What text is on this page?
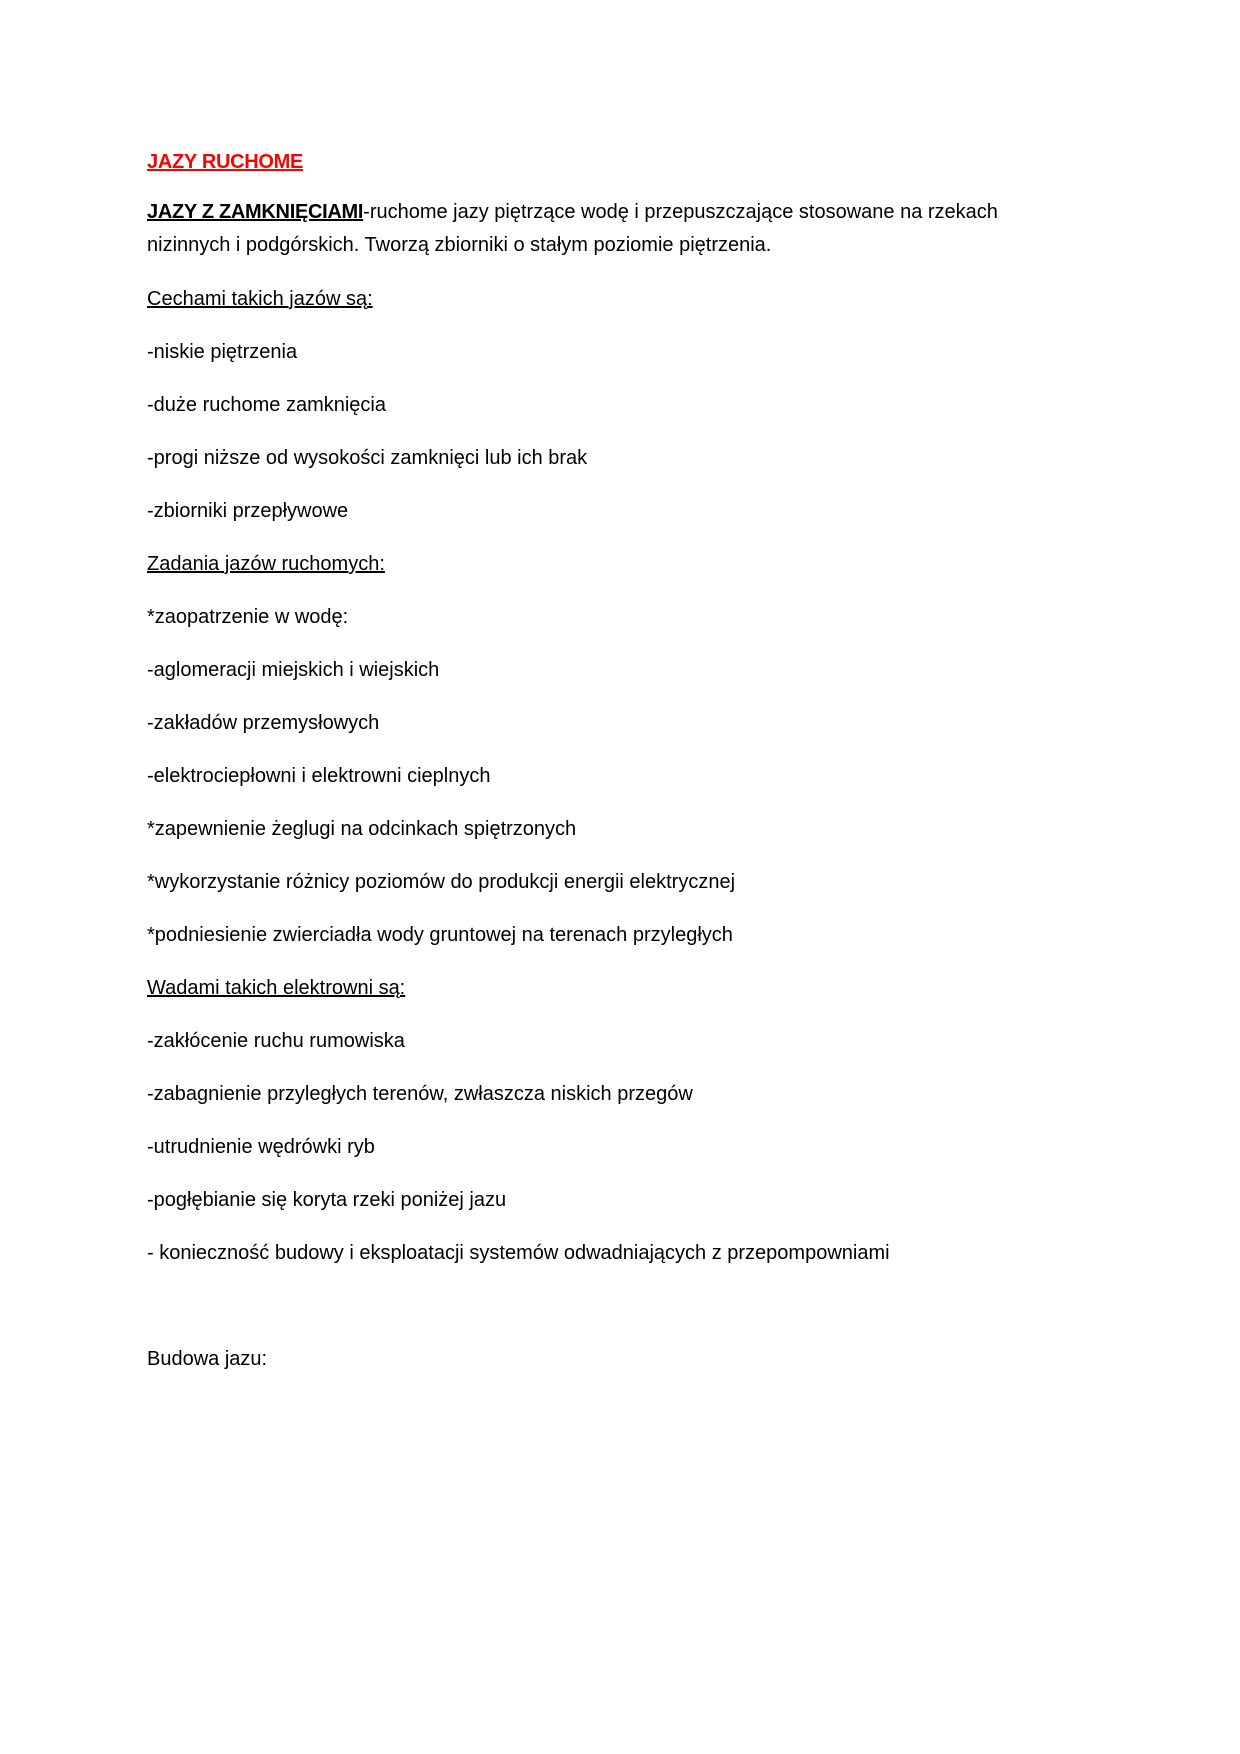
JAZY RUCHOME
JAZY Z ZAMKNIĘCIAMI-ruchome jazy piętrzące wodę i przepuszczające stosowane na rzekach
nizinnych i podgórskich. Tworzą zbiorniki o stałym poziomie piętrzenia.
Cechami takich jazów są:
-niskie piętrzenia
-duże ruchome zamknięcia
-progi niższe od wysokości zamknięci lub ich brak
-zbiorniki przepływowe
Zadania jazów ruchomych:
*zaopatrzenie w wodę:
-aglomeracji miejskich i wiejskich
-zakładów przemysłowych
-elektrociepłowni i elektrowni cieplnych
*zapewnienie żeglugi na odcinkach spiętrzonych
*wykorzystanie różnicy poziomów do produkcji energii elektrycznej
*podniesienie zwierciadła wody gruntowej na terenach przyległych
Wadami takich elektrowni są:
-zakłócenie ruchu rumowiska
-zabagnienie przyległych terenów, zwłaszcza niskich przegów
-utrudnienie wędrówki ryb
-pogłębianie się koryta rzeki poniżej jazu
- konieczność budowy i eksploatacji systemów odwadniających z przepompowniami
Budowa jazu:
